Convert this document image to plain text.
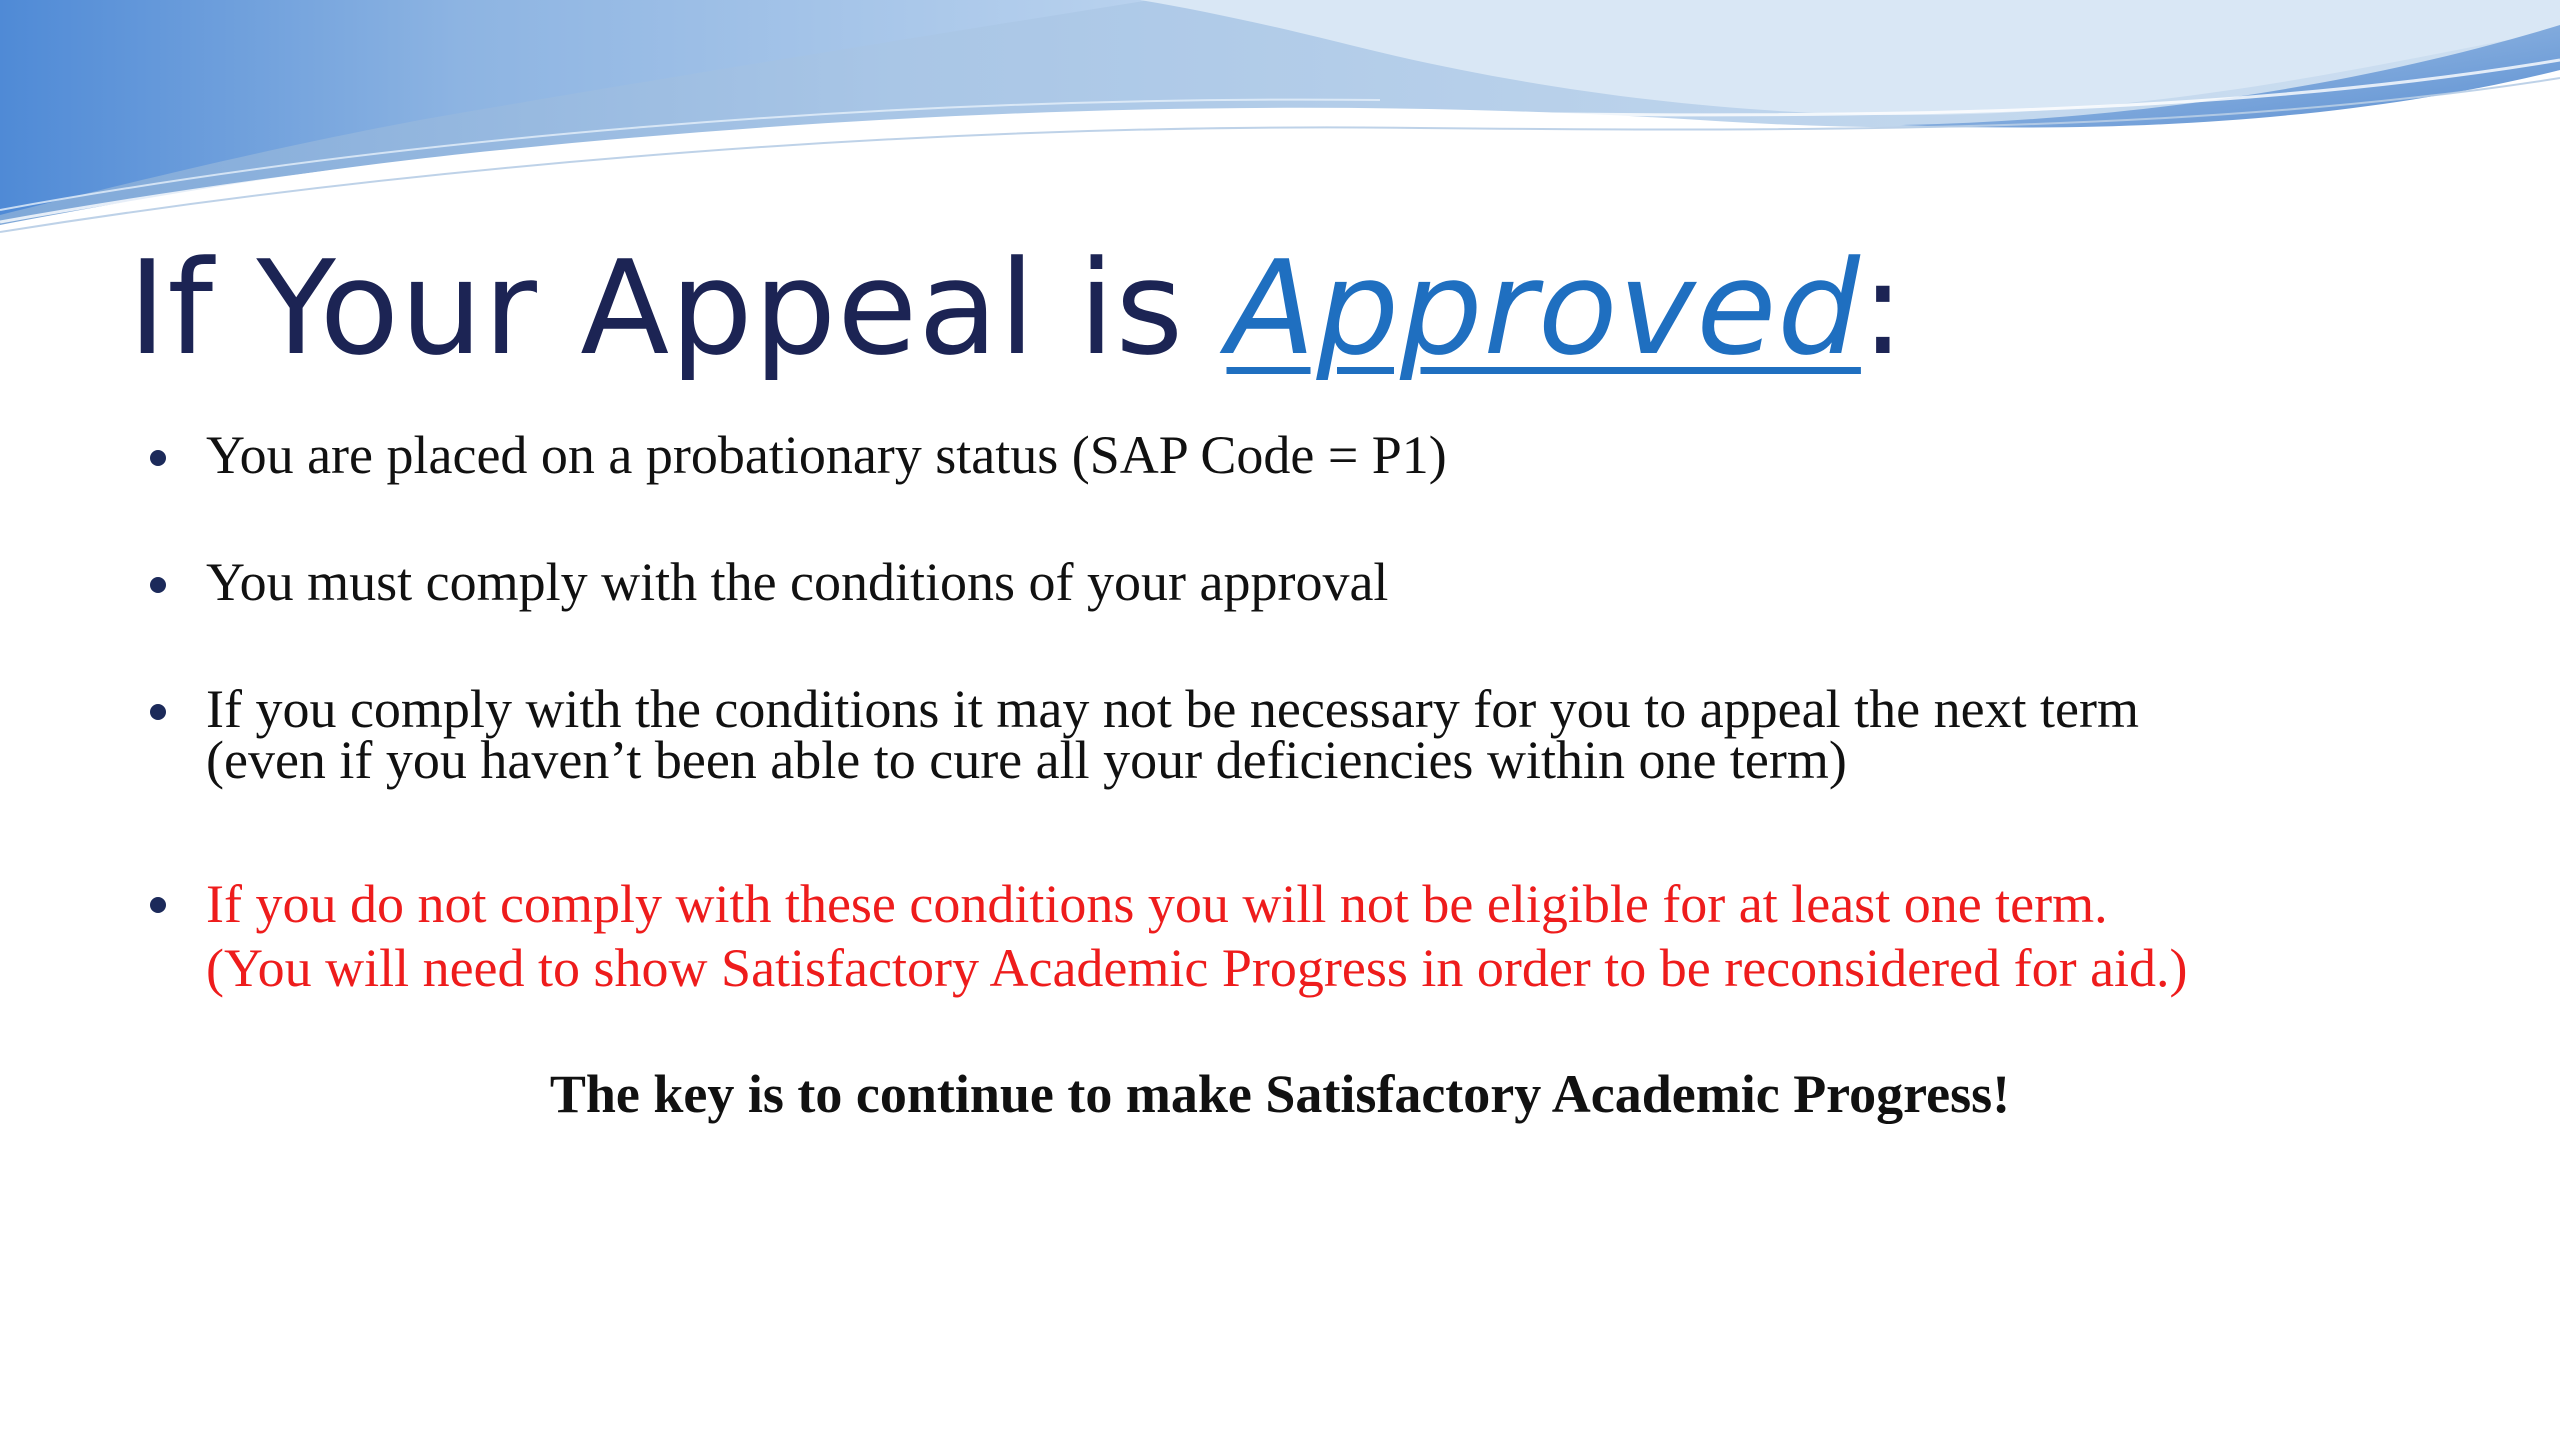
If Your Appeal is Approved:
You are placed on a probationary status (SAP Code = P1)
You must comply with the conditions of your approval
If you comply with the conditions it may not be necessary for you to appeal the next term
(even if you haven’t been able to cure all your deficiencies within one term)
If you do not comply with these conditions you will not be eligible for at least one term.
(You will need to show Satisfactory Academic Progress in order to be reconsidered for aid.)

The key is to continue to make Satisfactory Academic Progress!
